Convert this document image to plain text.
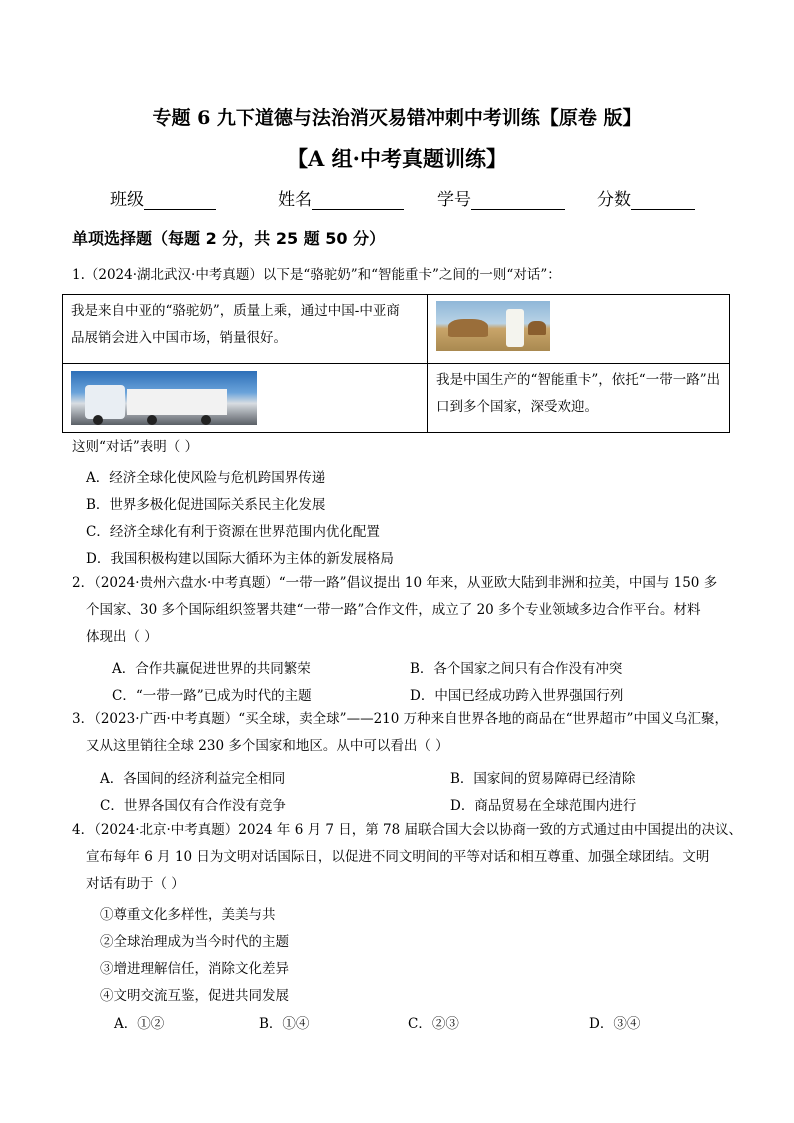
专题 6 九下道德与法治消灭易错冲刺中考训练【原卷 版】
【A 组·中考真题训练】
班级	姓名	学号	分数
单项选择题（每题 2 分，共 25 题 50 分）
1.（2024·湖北武汉·中考真题）以下是“骆驼奶”和“智能重卡”之间的一则“对话”：
我是来自中亚的“骆驼奶”，质量上乘，通过中国-中亚商
品展销会进入中国市场，销量很好。	

	我是中国生产的“智能重卡”，依托“一带一路”出
口到多个国家，深受欢迎。
这则“对话”表明（ ）
A．经济全球化使风险与危机跨国界传递
B．世界多极化促进国际关系民主化发展
C．经济全球化有利于资源在世界范围内优化配置
D．我国积极构建以国际大循环为主体的新发展格局
2．（2024·贵州六盘水·中考真题）“一带一路”倡议提出 10 年来，从亚欧大陆到非洲和拉美，中国与 150 多
个国家、30 多个国际组织签署共建“一带一路”合作文件，成立了 20 多个专业领域多边合作平台。材料
体现出（ ）
A．合作共赢促进世界的共同繁荣	B．各个国家之间只有合作没有冲突
C．“一带一路”已成为时代的主题	D．中国已经成功跨入世界强国行列
3．（2023·广西·中考真题）“买全球，卖全球”——210 万种来自世界各地的商品在“世界超市”中国义乌汇聚，
又从这里销往全球 230 多个国家和地区。从中可以看出（ ）
A．各国间的经济利益完全相同	B．国家间的贸易障碍已经清除
C．世界各国仅有合作没有竞争	D．商品贸易在全球范围内进行
4．（2024·北京·中考真题）2024 年 6 月 7 日，第 78 届联合国大会以协商一致的方式通过由中国提出的决议、
宣布每年 6 月 10 日为文明对话国际日，以促进不同文明间的平等对话和相互尊重、加强全球团结。文明
对话有助于（ ）
①尊重文化多样性，美美与共
②全球治理成为当今时代的主题
③增进理解信任，消除文化差异
④文明交流互鉴，促进共同发展
A．①②	B．①④	C．②③	D．③④
